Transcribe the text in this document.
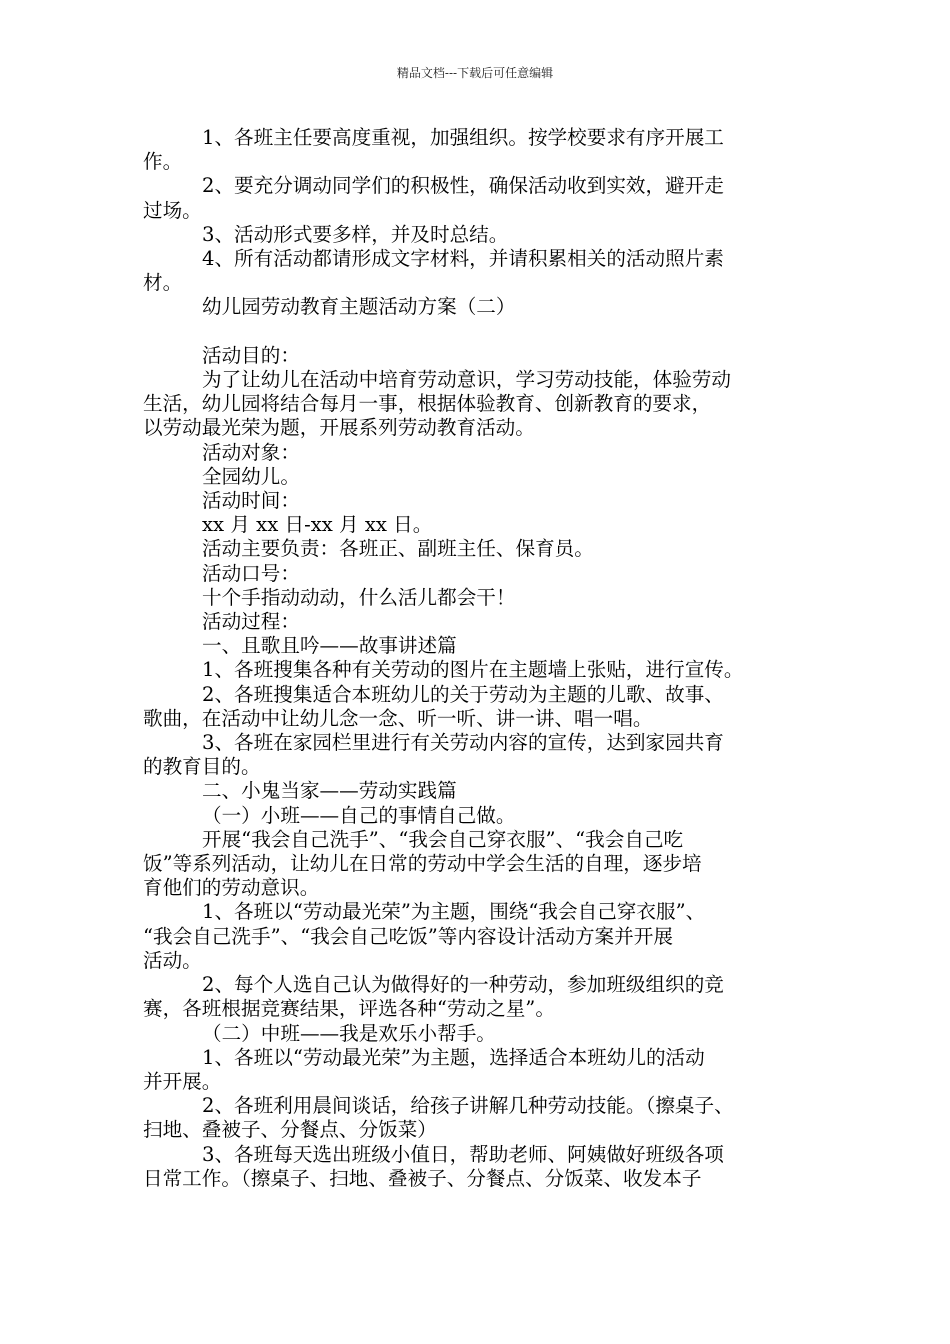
精品文档---下载后可任意编辑

1、各班主任要高度重视，加强组织。按学校要求有序开展工

作。

2、要充分调动同学们的积极性，确保活动收到实效，避开走

过场。

3、活动形式要多样，并及时总结。

4、所有活动都请形成文字材料，并请积累相关的活动照片素

材。

幼儿园劳动教育主题活动方案（二）

活动目的：

为了让幼儿在活动中培育劳动意识，学习劳动技能，体验劳动

生活，幼儿园将结合每月一事，根据体验教育、创新教育的要求，

以劳动最光荣为题，开展系列劳动教育活动。

活动对象：

全园幼儿。

活动时间：

xx 月 xx 日-xx 月 xx 日。

活动主要负责：各班正、副班主任、保育员。

活动口号：

十个手指动动动，什么活儿都会干！

活动过程：

一、且歌且吟——故事讲述篇

1、各班搜集各种有关劳动的图片在主题墙上张贴，进行宣传。

2、各班搜集适合本班幼儿的关于劳动为主题的儿歌、故事、

歌曲，在活动中让幼儿念一念、听一听、讲一讲、唱一唱。

3、各班在家园栏里进行有关劳动内容的宣传，达到家园共育

的教育目的。

二、小鬼当家——劳动实践篇

（一）小班——自己的事情自己做。

开展“我会自己洗手”、“我会自己穿衣服”、“我会自己吃

饭”等系列活动，让幼儿在日常的劳动中学会生活的自理，逐步培

育他们的劳动意识。

1、各班以“劳动最光荣”为主题，围绕“我会自己穿衣服”、

“我会自己洗手”、“我会自己吃饭”等内容设计活动方案并开展

活动。

2、每个人选自己认为做得好的一种劳动，参加班级组织的竞

赛，各班根据竞赛结果，评选各种“劳动之星”。

（二）中班——我是欢乐小帮手。

1、各班以“劳动最光荣”为主题，选择适合本班幼儿的活动

并开展。

2、各班利用晨间谈话，给孩子讲解几种劳动技能。（擦桌子、

扫地、叠被子、分餐点、分饭菜）

3、各班每天选出班级小值日，帮助老师、阿姨做好班级各项

日常工作。（擦桌子、扫地、叠被子、分餐点、分饭菜、收发本子
